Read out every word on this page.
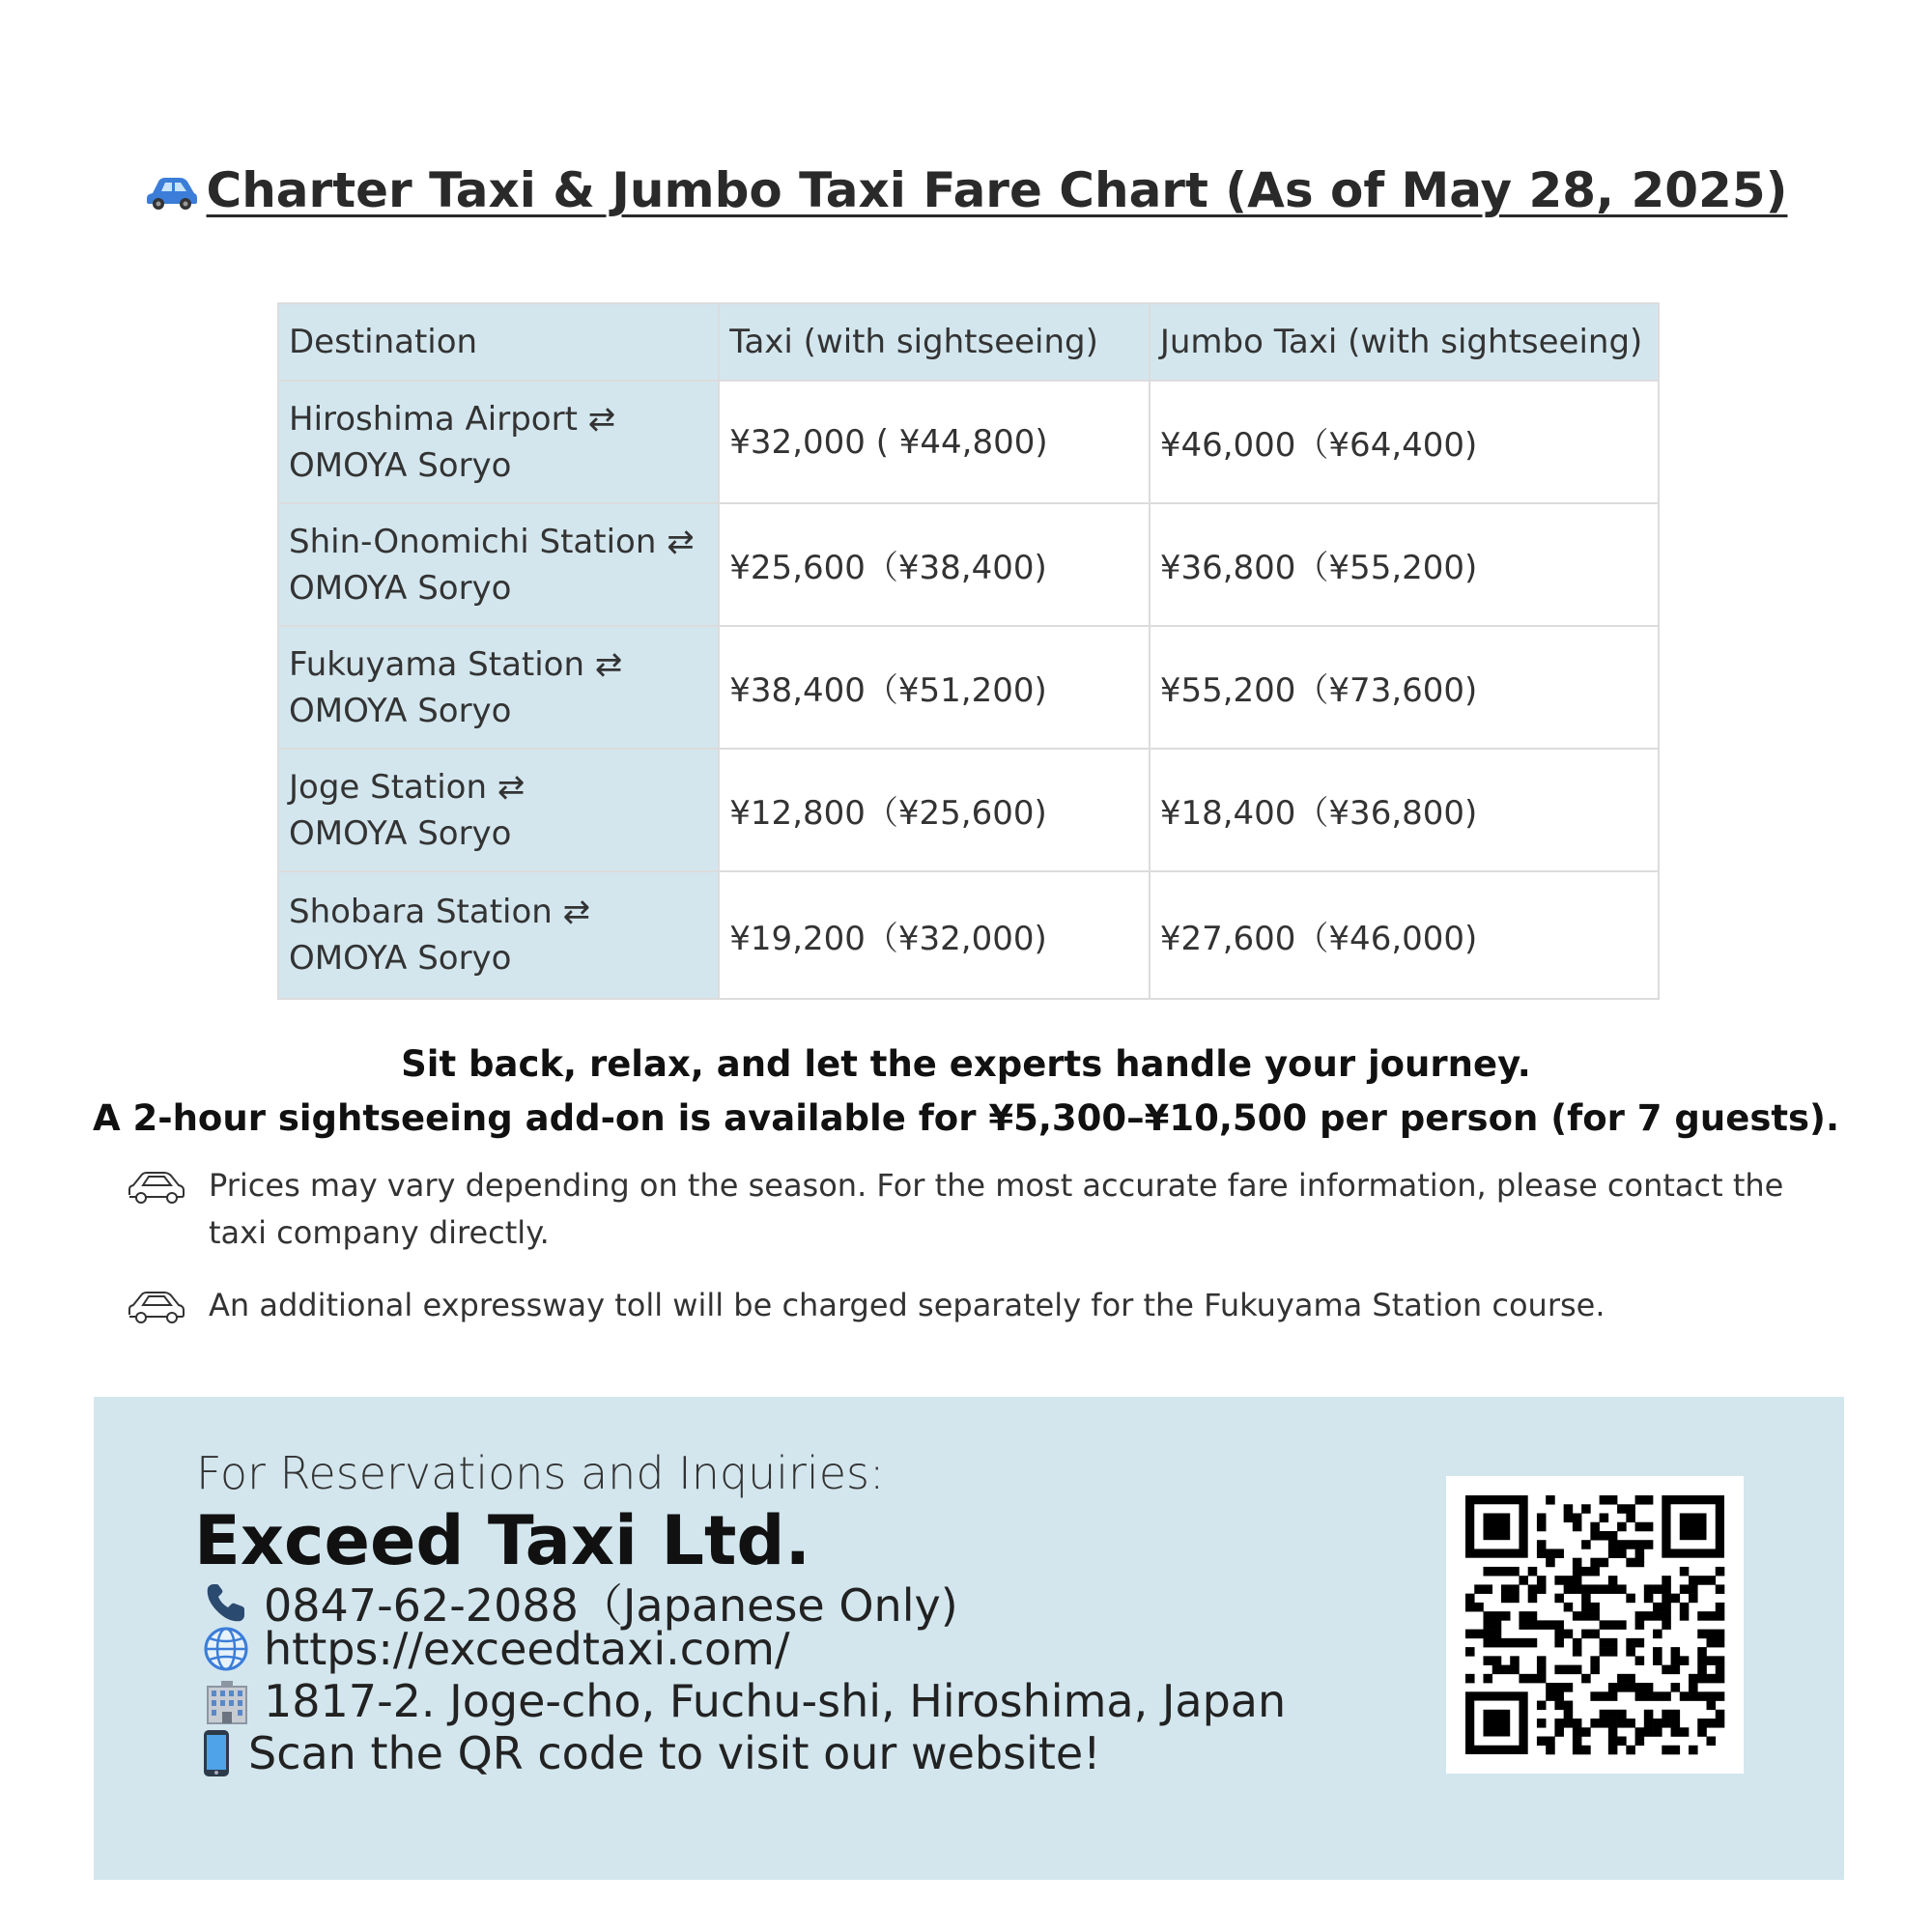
Charter Taxi & Jumbo Taxi Fare Chart (As of May 28, 2025)
Destination	Taxi (with sightseeing)	Jumbo Taxi (with sightseeing)
Hiroshima Airport ⇄
OMOYA Soryo	¥32,000 ( ¥44,800)	¥46,000（¥64,400)
Shin-Onomichi Station ⇄
OMOYA Soryo	¥25,600（¥38,400)	¥36,800（¥55,200)
Fukuyama Station ⇄
OMOYA Soryo	¥38,400（¥51,200)	¥55,200（¥73,600)
Joge Station ⇄
OMOYA Soryo	¥12,800（¥25,600)	¥18,400（¥36,800)
Shobara Station ⇄
OMOYA Soryo	¥19,200（¥32,000)	¥27,600（¥46,000)
Sit back, relax, and let the experts handle your journey.
A 2-hour sightseeing add-on is available for ¥5,300–¥10,500 per person (for 7 guests).
Prices may vary depending on the season. For the most accurate fare information, please contact the taxi company directly.
An additional expressway toll will be charged separately for the Fukuyama Station course.
For Reservations and Inquiries:
Exceed Taxi Ltd.
0847-62-2088（Japanese Only)
https://exceedtaxi.com/
1817-2. Joge-cho, Fuchu-shi, Hiroshima, Japan
Scan the QR code to visit our website!
